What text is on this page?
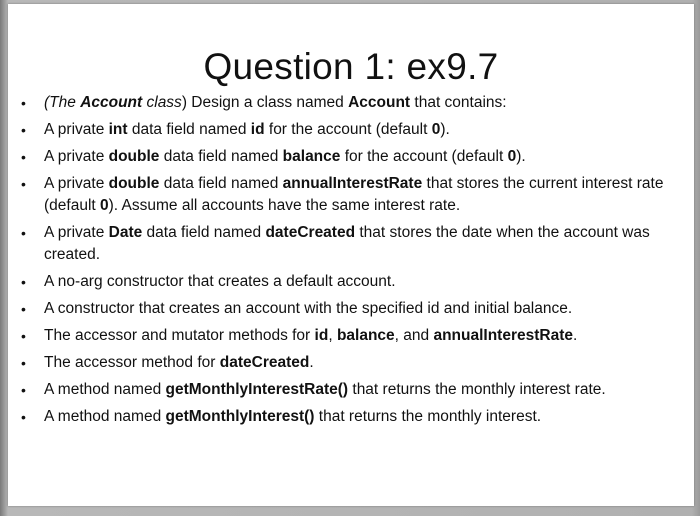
Question 1: ex9.7
• (The Account class) Design a class named Account that contains:
• A private int data field named id for the account (default 0).
• A private double data field named balance for the account (default 0).
• A private double data field named annualInterestRate that stores the current interest rate (default 0). Assume all accounts have the same interest rate.
• A private Date data field named dateCreated that stores the date when the account was created.
• A no-arg constructor that creates a default account.
• A constructor that creates an account with the specified id and initial balance.
• The accessor and mutator methods for id, balance, and annualInterestRate.
• The accessor method for dateCreated.
• A method named getMonthlyInterestRate() that returns the monthly interest rate.
• A method named getMonthlyInterest() that returns the monthly interest.
